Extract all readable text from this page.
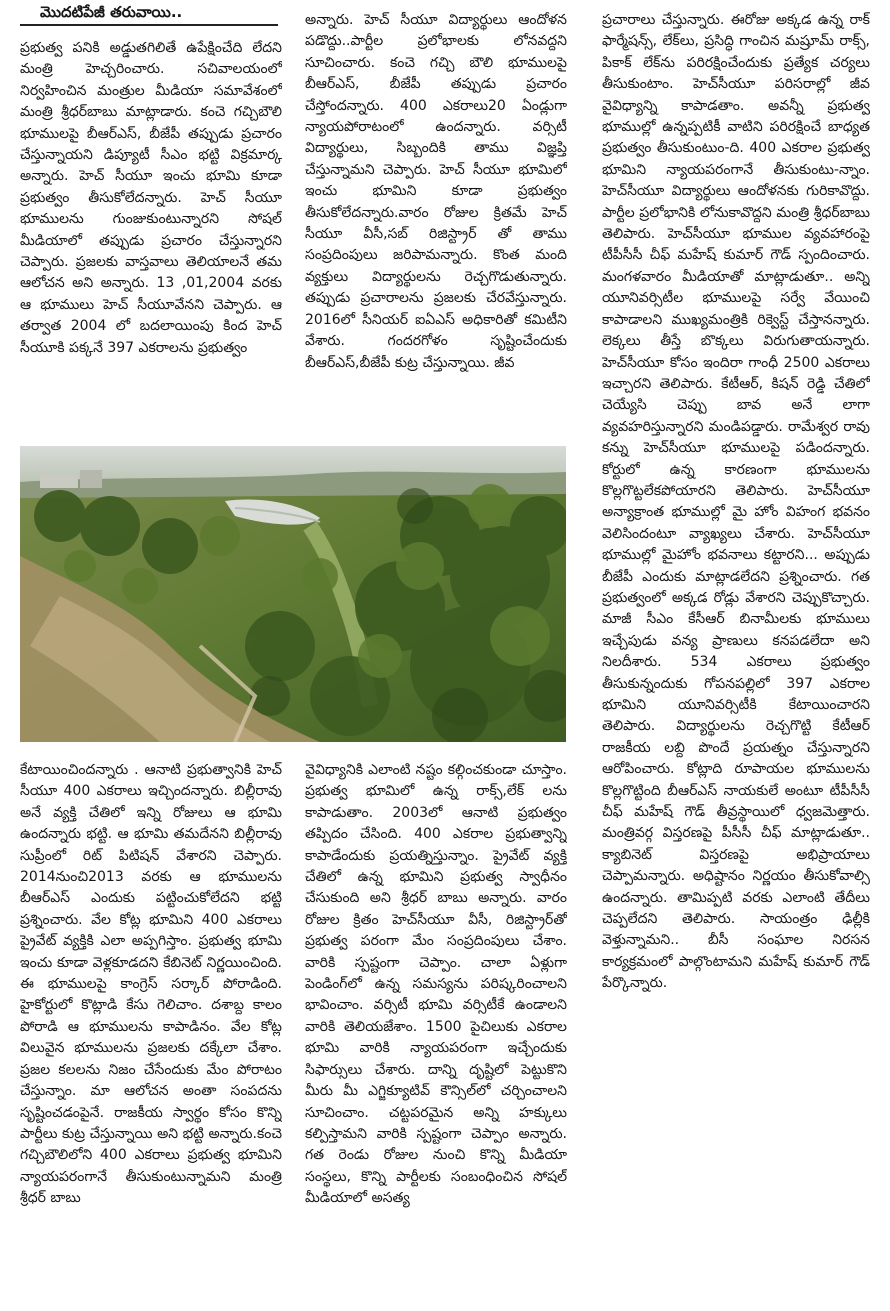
మొదటిపేజీ తరువాయి..

ప్రభుత్వ పనికి అడ్డుతగిలితే ఉపేక్షించేది లేదని మంత్రి హెచ్చరించారు. సచివాలయంలో నిర్వహించిన మంత్రుల మీడియా సమావేశంలో మంత్రి శ్రీధర్‌బాబు మాట్లాడారు. కంచె గచ్చిబౌలి భూములపై బీఆర్ఎస్, బీజేపీ తప్పుడు ప్రచారం చేస్తున్నాయని డిప్యూటీ సీఎం భట్టి విక్రమార్క అన్నారు. హెచ్ సీయూ ఇంచు భూమి కూడా ప్రభుత్వం తీసుకోలేదన్నారు. హెచ్ సీయూ భూములను గుంజుకుంటున్నారని సోషల్ మీడియాలో తప్పుడు ప్రచారం చేస్తున్నారని చెప్పారు. ప్రజలకు వాస్తవాలు తెలియాలనే తమ ఆలోచన అని అన్నారు. 13 ,01,2004 వరకు ఆ భూములు హెచ్ సీయూవేనని చెప్పారు. ఆ తర్వాత 2004 లో బదలాయింపు కింద హెచ్ సీయూకి పక్కనే 397 ఎకరాలను ప్రభుత్వం

అన్నారు. హెచ్ సీయూ విద్యార్థులు ఆందోళన పడొద్దు..పార్టీల ప్రలోభాలకు లోనవద్దని సూచించారు. కంచె గచ్చి బౌలి భూములపై బీఆర్ఎస్, బీజేపీ తప్పుడు ప్రచారం చేస్తోందన్నారు. 400 ఎకరాలు20 ఏండ్లుగా న్యాయపోరాటంలో ఉందన్నారు. వర్సిటీ విద్యార్థులు, సిబ్బందికి తాము విజ్ఞప్తి చేస్తున్నామని చెప్పారు. హెచ్ సీయూ భూమిలో ఇంచు భూమిని కూడా ప్రభుత్వం తీసుకోలేదన్నారు.వారం రోజుల క్రితమే హెచ్ సీయూ వీసీ,సబ్ రిజిస్ట్రార్ తో తాము సంప్రదింపులు జరిపామన్నారు. కొంత మంది వ్యక్తులు విద్యార్థులను రెచ్చగొడుతున్నారు. తప్పుడు ప్రచారాలను ప్రజలకు చేరవేస్తున్నారు. 2016లో సీనియర్ ఐఏఎస్ అధికారితో కమిటీని వేశారు. గందరగోళం సృష్టించేందుకు బీఆర్ఎస్,బీజేపీ కుట్ర చేస్తున్నాయి. జీవ

ప్రచారాలు చేస్తున్నారు. ఈరోజు అక్కడ ఉన్న రాక్ ఫార్మేషన్స్, లేక్‌లు, ప్రసిద్ధి గాంచిన మష్రూమ్ రాక్స్, పికాక్ లేక్‌ను పరిరక్షించేందుకు ప్రత్యేక చర్యలు తీసుకుంటాం. హెచ్‌సీయూ పరిసరాల్లో జీవ వైవిధ్యాన్ని కాపాడతాం. అవన్నీ ప్రభుత్వ భూముల్లో ఉన్నప్పటికీ వాటిని పరిరక్షించే బాధ్యత ప్రభుత్వం తీసుకుంటుం-ది. 400 ఎకరాల ప్రభుత్వ భూమిని న్యాయపరంగానే తీసుకుంటు-న్నాం. హెచ్‌సీయూ విద్యార్థులు ఆందోళనకు గురికావొద్దు. పార్టీల ప్రలోభానికి లోనుకావొద్దని మంత్రి శ్రీధర్‌బాబు తెలిపారు. హెచ్‌సీయూ భూముల వ్యవహారంపై టీపీసీసీ చీఫ్ మహేష్ కుమార్ గౌడ్ స్పందించారు. మంగళవారం మీడియాతో మాట్లాడుతూ.. అన్ని యూనివర్సిటీల భూములపై సర్వే వేయించి కాపాడాలని ముఖ్యమంత్రికి రిక్వెస్ట్ చేస్తానన్నారు. లెక్కలు తీస్తే బొక్కలు విరుగుతాయన్నారు. హెచ్‌సీయూ కోసం ఇందిరా గాంధీ 2500 ఎకరాలు ఇచ్చారని తెలిపారు. కేటీఆర్, కిషన్ రెడ్డి చేతిలో చెయ్యేసి చెప్పు బావ అనే లాగా వ్యవహరిస్తున్నారని మండిపడ్డారు. రామేశ్వర రావు కన్ను హెచ్‌సీయూ భూములపై పడిందన్నారు. కోర్టులో ఉన్న కారణంగా భూములను కొల్లగొట్టలేకపోయారని తెలిపారు. హెచ్‌సీయూ అన్యాక్రాంత భూముల్లో మై హోం విహంగ భవనం వెలిసిందంటూ వ్యాఖ్యలు చేశారు. హెచ్‌సీయూ భూముల్లో మైహోం భవనాలు కట్టారని... అప్పుడు బీజేపీ ఎందుకు మాట్లాడలేదని ప్రశ్నించారు. గత ప్రభుత్వంలో అక్కడ రోడ్లు వేశారని చెప్పుకొచ్చారు. మాజీ సీఎం కేసీఆర్ బినామీలకు భూములు ఇచ్చేపుడు వన్య ప్రాణులు కనపడలేదా అని నిలదీశారు. 534 ఎకరాలు ప్రభుత్వం తీసుకున్నందుకు గోపనపల్లిలో 397 ఎకరాల భూమిని యూనివర్సిటీకి కేటాయించారని తెలిపారు. విద్యార్థులను రెచ్చగొట్టి కేటీఆర్ రాజకీయ లబ్ది పొందే ప్రయత్నం చేస్తున్నారని ఆరోపించారు. కోట్లాది రూపాయల భూములను కొల్లగొట్టింది బీఆర్ఎస్ నాయకులే అంటూ టీపీసీసీ చీఫ్ మహేష్ గౌడ్ తీవ్రస్థాయిలో ధ్వజమెత్తారు. మంత్రివర్గ విస్తరణపై పీసీసీ చీఫ్ మాట్లాడుతూ.. క్యాబినెట్ విస్తరణపై అభిప్రాయాలు చెప్పామన్నారు. అధిష్టానం నిర్ణయం తీసుకోవాల్సి ఉందన్నారు. తామిప్పటి వరకు ఎలాంటి తేదీలు చెప్పలేదని తెలిపారు. సాయంత్రం ఢిల్లీకి వెళ్తున్నామని.. బీసీ సంఘాల నిరసన కార్యక్రమంలో పాల్గొంటామని మహేష్ కుమార్ గౌడ్ పేర్కొన్నారు.

కేటాయించిందన్నారు . ఆనాటి ప్రభుత్వానికి హెచ్ సీయూ 400 ఎకరాలు ఇచ్చిందన్నారు. బిల్లీరావు అనే వ్యక్తి చేతిలో ఇన్ని రోజులు ఆ భూమి ఉందన్నారు భట్టి. ఆ భూమి తమదేనని బిల్లీరావు సుప్రీంలో రిట్ పిటిషన్ వేశారని చెప్పారు. 2014నుంచి2013 వరకు ఆ భూములను బీఆర్ఎస్ ఎందుకు పట్టించుకోలేదని భట్టి ప్రశ్నించారు. వేల కోట్ల భూమిని 400 ఎకరాలు ప్రైవేట్ వ్యక్తికి ఎలా అప్పగిస్తాం. ప్రభుత్వ భూమి ఇంచు కూడా వెళ్లకూడదని కేబినెట్ నిర్ణయించింది. ఈ భూములపై కాంగ్రెస్ సర్కార్ పోరాడింది. హైకోర్టులో కొట్లాడి కేసు గెలిచాం. దశాబ్ద కాలం పోరాడి ఆ భూములను కాపాడినం. వేల కోట్ల విలువైన భూములను ప్రజలకు దక్కేలా చేశాం. ప్రజల కలలను నిజం చేసేందుకు మేం పోరాటం చేస్తున్నాం. మా ఆలోచన అంతా సంపదను సృష్టించడంపైనే. రాజకీయ స్వార్థం కోసం కొన్ని పార్టీలు కుట్ర చేస్తున్నాయి అని భట్టి అన్నారు.కంచె గచ్చిబౌలిలోని 400 ఎకరాలు ప్రభుత్వ భూమిని న్యాయపరంగానే తీసుకుంటున్నామని మంత్రి శ్రీధర్ బాబు

వైవిధ్యానికి ఎలాంటి నష్టం కల్గించకుండా చూస్తాం. ప్రభుత్వ భూమిలో ఉన్న రాక్స్,లేక్ లను కాపాడుతాం. 2003లో ఆనాటి ప్రభుత్వం తప్పిదం చేసింది. 400 ఎకరాల ప్రభుత్వాన్ని కాపాడేందుకు ప్రయత్నిస్తున్నాం. ప్రైవేట్ వ్యక్తి చేతిలో ఉన్న భూమిని ప్రభుత్వ స్వాధీనం చేసుకుంది అని శ్రీధర్ బాబు అన్నారు. వారం రోజుల క్రితం హెచ్‌సీయూ వీసీ, రిజిస్ట్రార్‌తో ప్రభుత్వ పరంగా మేం సంప్రదింపులు చేశాం. వారికి స్పష్టంగా చెప్పాం. చాలా ఏళ్లుగా పెండింగ్‌లో ఉన్న సమస్యను పరిష్కరించాలని భావించాం. వర్సిటీ భూమి వర్సిటీకే ఉండాలని వారికి తెలియజేశాం. 1500 పైచిలుకు ఎకరాల భూమి వారికి న్యాయపరంగా ఇచ్చేందుకు సిఫార్సులు చేశారు. దాన్ని దృష్టిలో పెట్టుకొని మీరు మీ ఎగ్జిక్యూటివ్ కౌన్సిల్‌లో చర్చించాలని సూచించాం. చట్టపరమైన అన్ని హక్కులు కల్పిస్తామని వారికి స్పష్టంగా చెప్పాం అన్నారు. గత రెండు రోజుల నుంచి కొన్ని మీడియా సంస్థలు, కొన్ని పార్టీలకు సంబంధించిన సోషల్ మీడియాలో అసత్య
